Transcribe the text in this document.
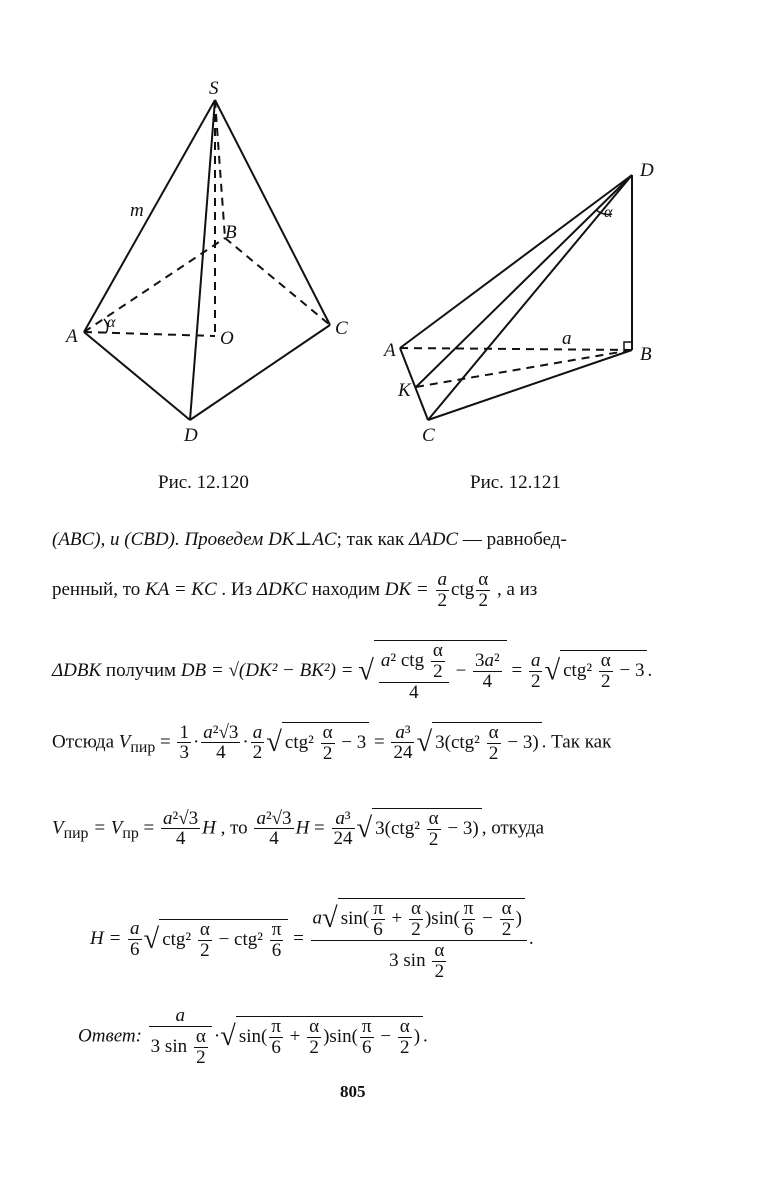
S
B
A	O	C
D
m
α
Рис. 12.120
D
A	B
K
C
a
α
Рис. 12.121
(ABC), и (CBD). Проведем DK⊥AC; так как ΔADC — равнобед-
ренный, то KA = KC . Из ΔDKC находим DK = $\frac{a}{2}$ ctg $\frac{\alpha}{2}$ , а из
ΔDBK получим DB = √(DK² − BK²) = √ $\frac{a^2 ctg \frac{\alpha}{2}}{4} - \frac{\text{3a²}}{4} = \frac{a}{2}$ √ $ctg^2 \frac{\alpha}{2} - 3$ .
Отсюда $V_{пир} = \frac{1}{3} \cdot \frac{\text{a²√3}}{4} \cdot \frac{a}{2}$ √ $ctg^2 \frac{\alpha}{2} - 3 = \frac{\text{a³}}{24}$ √ $3(ctg^2 \frac{\alpha}{2} - 3)$ . Так как
$V_{пир} = V_{пр} = \frac{\text{a²√3}}{4}$ H , то $\frac{\text{a²√3}}{4}$ $H = \frac{\text{a³}}{24}$ √ $3(ctg^2 \frac{\alpha}{2} - 3)$ , откуда
$H = \frac{a}{6}$ √ $ctg^2 \frac{\alpha}{2} - ctg^2 \frac{\pi}{6} = \frac{a√ \sin( \frac{\pi}{6} + \frac{\alpha}{2} )\sin( \frac{\pi}{6} - \frac{\alpha}{2} )}{3 \sin \frac{\alpha}{2}}$ .
Ответ: $\frac{a}{3 \sin \frac{\alpha}{2}}$ ·√ $\sin( \frac{\pi}{6} + \frac{\alpha}{2} )\sin( \frac{\pi}{6} - \frac{\alpha}{2}$ ) .
805
